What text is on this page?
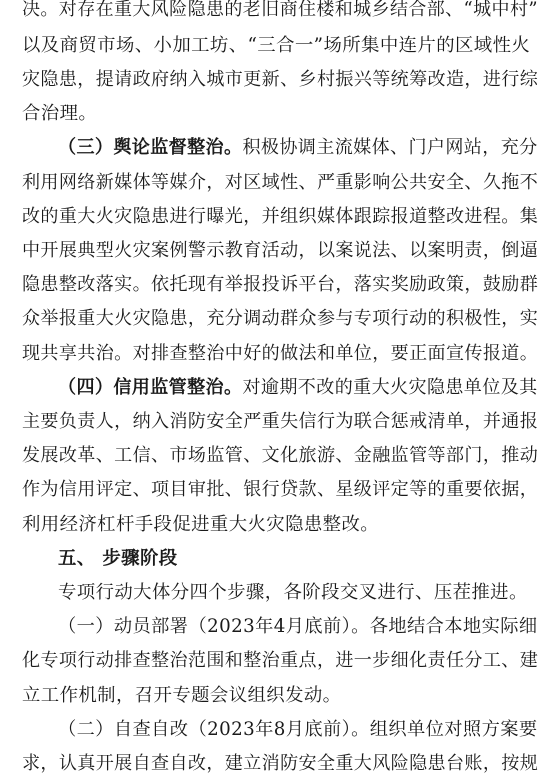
决。对存在重大风险隐患的老旧商住楼和城乡结合部、“城中村”
以及商贸市场、小加工坊、“三合一”场所集中连片的区域性火
灾隐患，提请政府纳入城市更新、乡村振兴等统筹改造，进行综
合治理。
（三）舆论监督整治。积极协调主流媒体、门户网站，充分
利用网络新媒体等媒介，对区域性、严重影响公共安全、久拖不
改的重大火灾隐患进行曝光，并组织媒体跟踪报道整改进程。集
中开展典型火灾案例警示教育活动，以案说法、以案明责，倒逼
隐患整改落实。依托现有举报投诉平台，落实奖励政策，鼓励群
众举报重大火灾隐患，充分调动群众参与专项行动的积极性，实
现共享共治。对排查整治中好的做法和单位，要正面宣传报道。
（四）信用监管整治。对逾期不改的重大火灾隐患单位及其
主要负责人，纳入消防安全严重失信行为联合惩戒清单，并通报
发展改革、工信、市场监管、文化旅游、金融监管等部门，推动
作为信用评定、项目审批、银行贷款、星级评定等的重要依据，
利用经济杠杆手段促进重大火灾隐患整改。
五、 步骤阶段
专项行动大体分四个步骤，各阶段交叉进行、压茬推进。
（一）动员部署（2023年4月底前）。各地结合本地实际细
化专项行动排查整治范围和整治重点，进一步细化责任分工、建
立工作机制，召开专题会议组织发动。
（二）自查自改（2023年8月底前）。组织单位对照方案要
求，认真开展自查自改，建立消防安全重大风险隐患台账，按规
